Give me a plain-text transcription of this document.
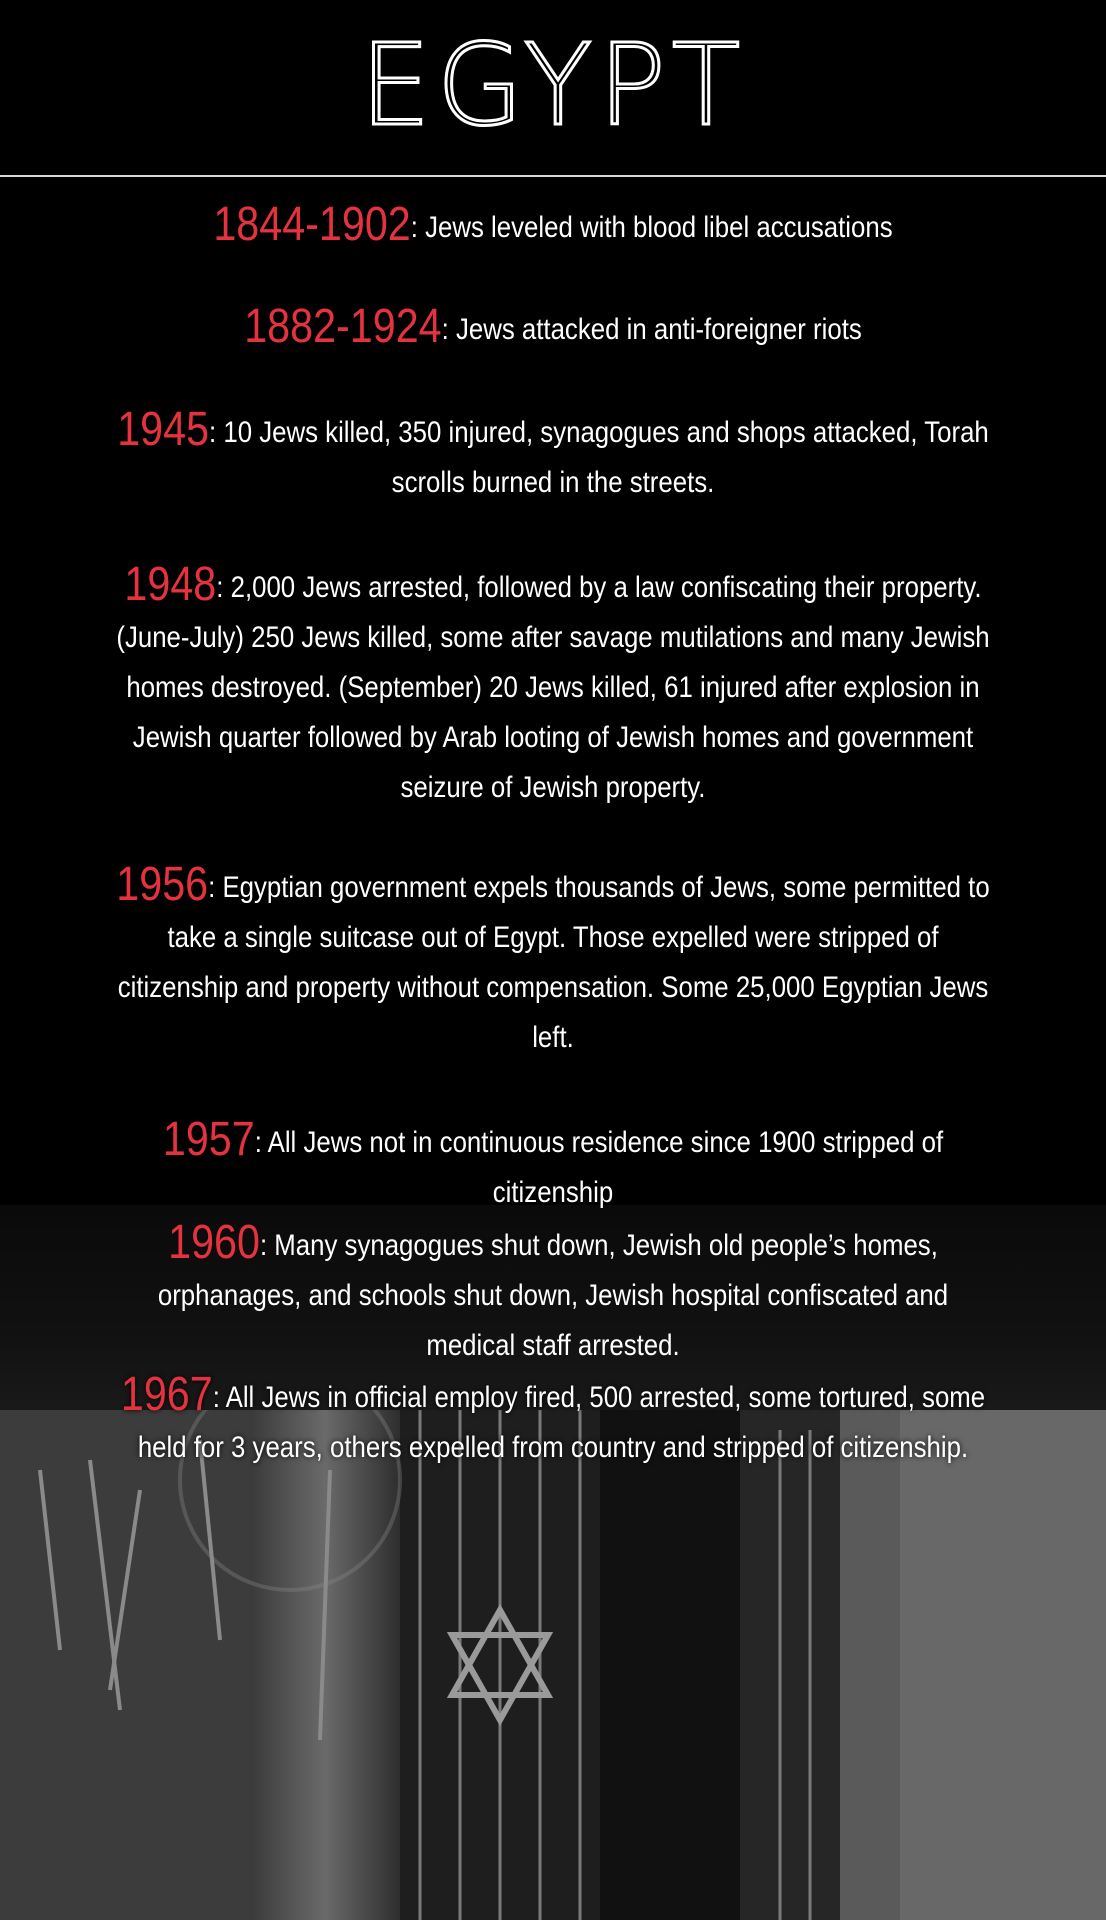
EGYPT
1844-1902: Jews leveled with blood libel accusations
1882-1924: Jews attacked in anti-foreigner riots
1945: 10 Jews killed, 350 injured, synagogues and shops attacked, Torah scrolls burned in the streets.
1948: 2,000 Jews arrested, followed by a law confiscating their property. (June-July) 250 Jews killed, some after savage mutilations and many Jewish homes destroyed. (September) 20 Jews killed, 61 injured after explosion in Jewish quarter followed by Arab looting of Jewish homes and government seizure of Jewish property.
1956: Egyptian government expels thousands of Jews, some permitted to take a single suitcase out of Egypt. Those expelled were stripped of citizenship and property without compensation. Some 25,000 Egyptian Jews left.
1957: All Jews not in continuous residence since 1900 stripped of citizenship
1960: Many synagogues shut down, Jewish old people’s homes, orphanages, and schools shut down, Jewish hospital confiscated and medical staff arrested.
1967: All Jews in official employ fired, 500 arrested, some tortured, some held for 3 years, others expelled from country and stripped of citizenship.
